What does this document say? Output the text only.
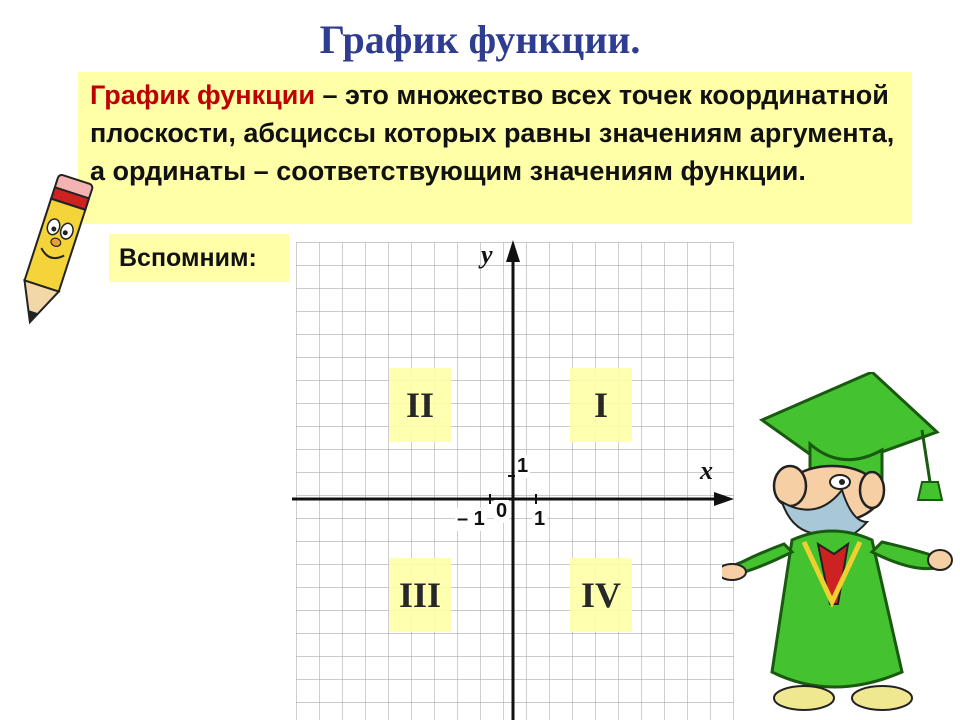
График функции.
График функции – это множество всех точек координатной плоскости, абсциссы которых равны значениям аргумента, а ординаты – соответствующим значениям функции.
Вспомним:
II	I
III	IV
y
x
1
0 1
– 1
